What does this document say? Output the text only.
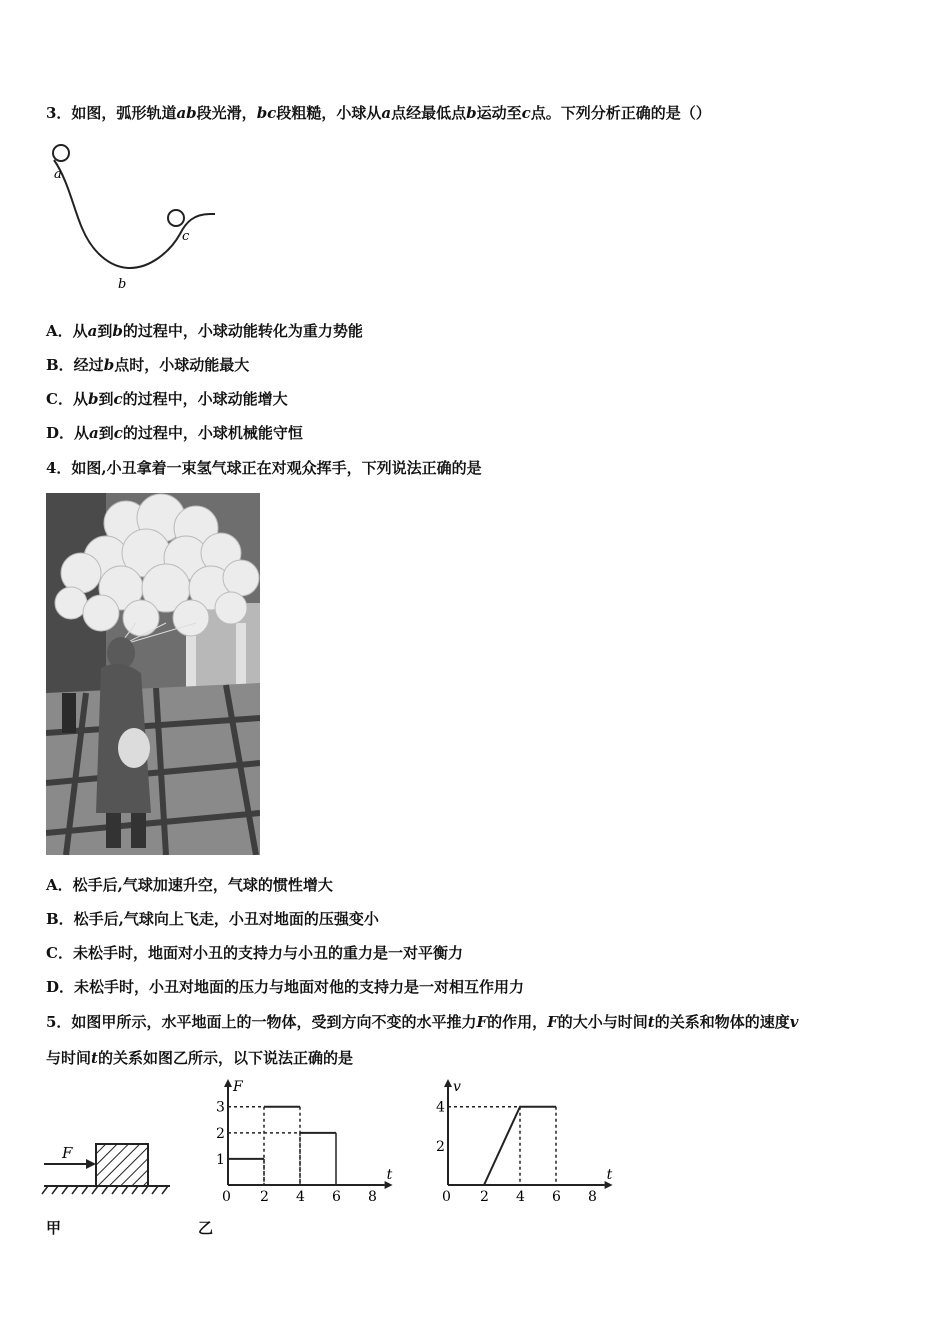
3．如图，弧形轨道ab段光滑，bc段粗糙，小球从a点经最低点b运动至c点。下列分析正确的是（）
a
b
c
A．从a到b的过程中，小球动能转化为重力势能
B．经过b点时，小球动能最大
C．从b到c的过程中，小球动能增大
D．从a到c的过程中，小球机械能守恒
4．如图,小丑拿着一束氢气球正在对观众挥手，下列说法正确的是
A．松手后,气球加速升空，气球的惯性增大
B．松手后,气球向上飞走，小丑对地面的压强变小
C．未松手时，地面对小丑的支持力与小丑的重力是一对平衡力
D．未松手时，小丑对地面的压力与地面对他的支持力是一对相互作用力
5．如图甲所示，水平地面上的一物体，受到方向不变的水平推力F的作用，F的大小与时间t的关系和物体的速度v
与时间t的关系如图乙所示，以下说法正确的是
F
t
F
0 2 4 6 8
1
2
3
t
v
0 2 4 6 8
2
4
甲	乙
